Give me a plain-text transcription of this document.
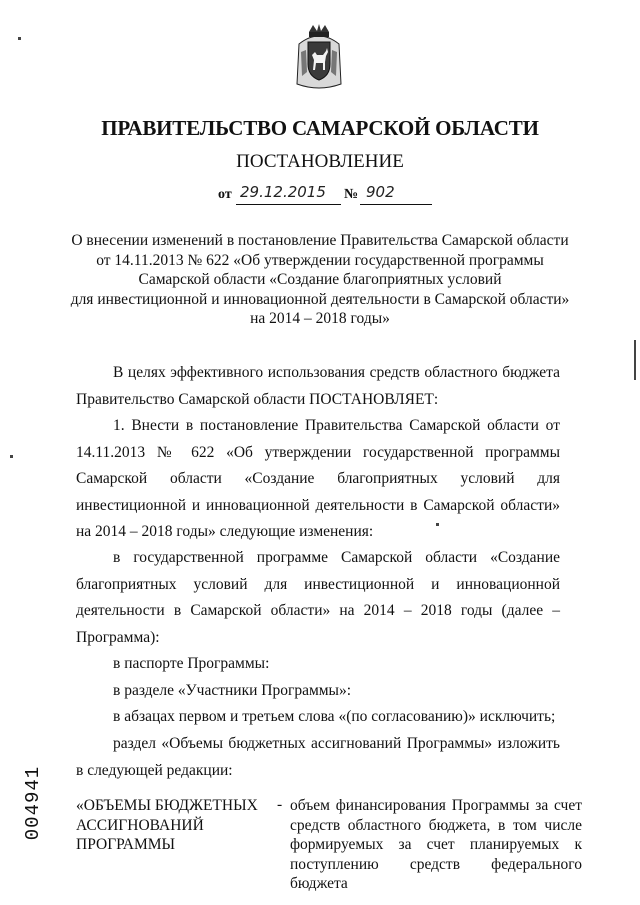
ПРАВИТЕЛЬСТВО САМАРСКОЙ ОБЛАСТИ
ПОСТАНОВЛЕНИЕ
от 29.12.2015 № 902
О внесении изменений в постановление Правительства Самарской области
от 14.11.2013 № 622 «Об утверждении государственной программы
Самарской области «Создание благоприятных условий
для инвестиционной и инновационной деятельности в Самарской области»
на 2014 – 2018 годы»
В целях эффективного использования средств областного бюджета Правительство Самарской области ПОСТАНОВЛЯЕТ:
1. Внести в постановление Правительства Самарской области от 14.11.2013 № 622 «Об утверждении государственной программы Самарской области «Создание благоприятных условий для инвестиционной и инновационной деятельности в Самарской области» на 2014 – 2018 годы» следующие изменения:
в государственной программе Самарской области «Создание благоприятных условий для инвестиционной и инновационной деятельности в Самарской области» на 2014 – 2018 годы (далее – Программа):
в паспорте Программы:
в разделе «Участники Программы»:
в абзацах первом и третьем слова «(по согласованию)» исключить;
раздел «Объемы бюджетных ассигнований Программы» изложить в следующей редакции:
«ОБЪЕМЫ БЮДЖЕТНЫХ
АССИГНОВАНИЙ
ПРОГРАММЫ
- объем финансирования Программы за счет
средств областного бюджета, в том числе
формируемых за счет планируемых к
поступлению средств федерального бюджета
004941
